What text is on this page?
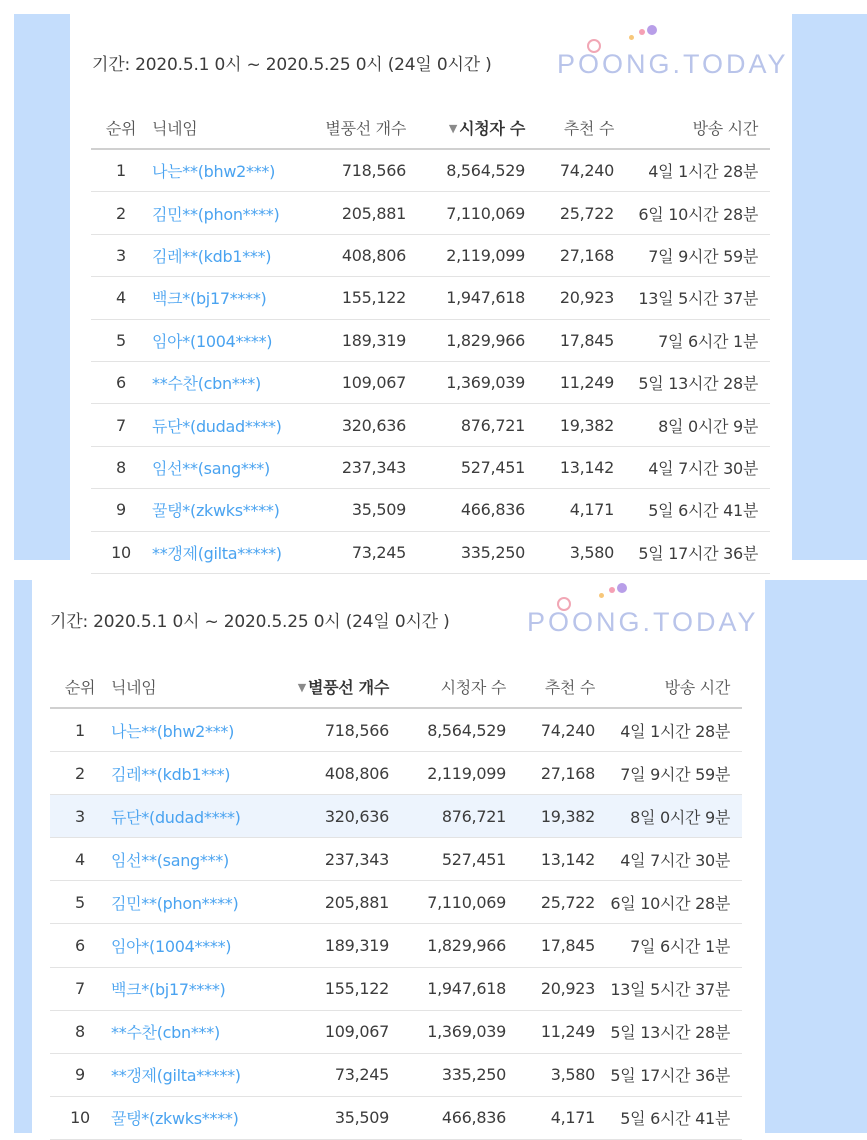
기간: 2020.5.1 0시 ~ 2020.5.25 0시 (24일 0시간 ) POONG.TODAY
순위	닉네임	별풍선 개수	▼ 시청자 수	추천 수	방송 시간
1	나는**(bhw2***)	718,566	8,564,529	74,240	4일 1시간 28분
2	김민**(phon****)	205,881	7,110,069	25,722	6일 10시간 28분
3	김레**(kdb1***)	408,806	2,119,099	27,168	7일 9시간 59분
4	백크*(bj17****)	155,122	1,947,618	20,923	13일 5시간 37분
5	임아*(1004****)	189,319	1,829,966	17,845	7일 6시간 1분
6	**수찬(cbn***)	109,067	1,369,039	11,249	5일 13시간 28분
7	듀단*(dudad****)	320,636	876,721	19,382	8일 0시간 9분
8	임선**(sang***)	237,343	527,451	13,142	4일 7시간 30분
9	꿀탱*(zkwks****)	35,509	466,836	4,171	5일 6시간 41분
10	**갱제(gilta*****)	73,245	335,250	3,580	5일 17시간 36분
기간: 2020.5.1 0시 ~ 2020.5.25 0시 (24일 0시간 )	POONG.TODAY
순위	닉네임	▼ 별풍선 개수	시청자 수	추천 수	방송 시간
1	나는**(bhw2***)	718,566	8,564,529	74,240	4일 1시간 28분
2	김레**(kdb1***)	408,806	2,119,099	27,168	7일 9시간 59분
3	듀단*(dudad****)	320,636	876,721	19,382	8일 0시간 9분
4	임선**(sang***)	237,343	527,451	13,142	4일 7시간 30분
5	김민**(phon****)	205,881	7,110,069	25,722	6일 10시간 28분
6	임아*(1004****)	189,319	1,829,966	17,845	7일 6시간 1분
7	백크*(bj17****)	155,122	1,947,618	20,923	13일 5시간 37분
8	**수찬(cbn***)	109,067	1,369,039	11,249	5일 13시간 28분
9	**갱제(gilta*****)	73,245	335,250	3,580	5일 17시간 36분
10	꿀탱*(zkwks****)	35,509	466,836	4,171	5일 6시간 41분
